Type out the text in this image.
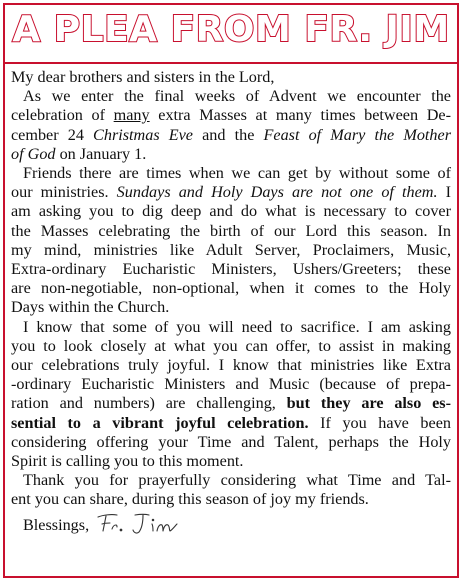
A PLEA FROM FR. JIM
My dear brothers and sisters in the Lord,
As we enter the final weeks of Advent we encounter the
celebration of many extra Masses at many times between De-
cember 24 Christmas Eve and the Feast of Mary the Mother
of God on January 1.
Friends there are times when we can get by without some of
our ministries. Sundays and Holy Days are not one of them. I
am asking you to dig deep and do what is necessary to cover
the Masses celebrating the birth of our Lord this season. In
my mind, ministries like Adult Server, Proclaimers, Music,
Extra-ordinary Eucharistic Ministers, Ushers/Greeters; these
are non-negotiable, non-optional, when it comes to the Holy
Days within the Church.
I know that some of you will need to sacrifice. I am asking
you to look closely at what you can offer, to assist in making
our celebrations truly joyful. I know that ministries like Extra
-ordinary Eucharistic Ministers and Music (because of prepa-
ration and numbers) are challenging, but they are also es-
sential to a vibrant joyful celebration. If you have been
considering offering your Time and Talent, perhaps the Holy
Spirit is calling you to this moment.
Thank you for prayerfully considering what Time and Tal-
ent you can share, during this season of joy my friends.
Blessings,
